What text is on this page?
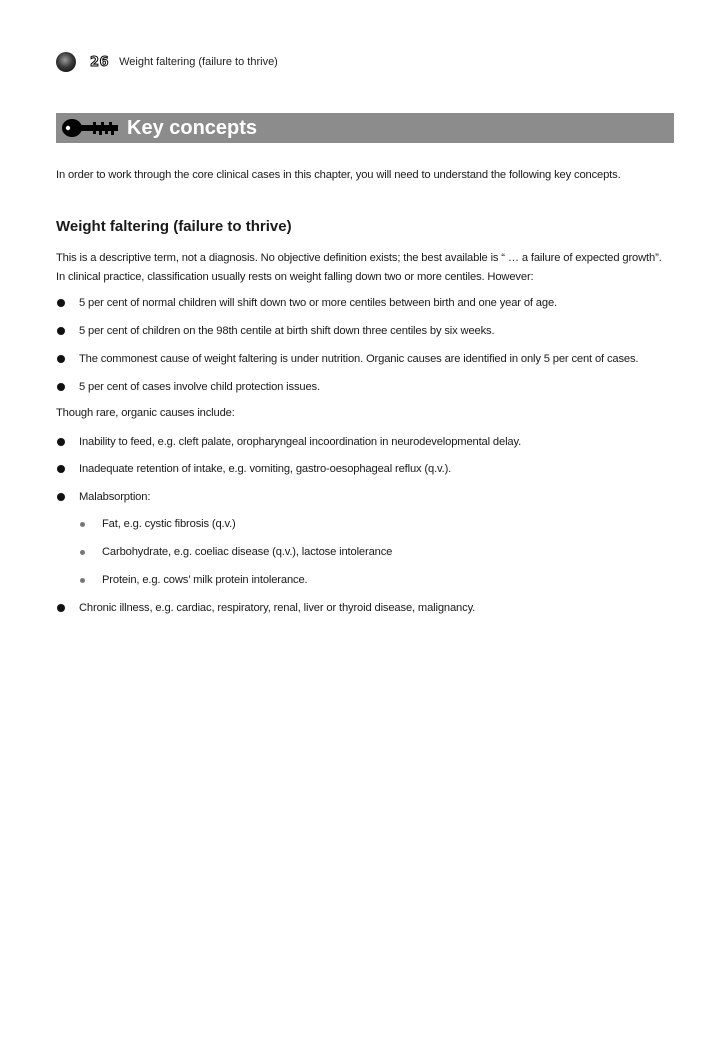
26 Weight faltering (failure to thrive)
Key concepts
In order to work through the core clinical cases in this chapter, you will need to understand the following key concepts.
Weight faltering (failure to thrive)
This is a descriptive term, not a diagnosis. No objective definition exists; the best available is “ … a failure of expected growth”. In clinical practice, classification usually rests on weight falling down two or more centiles. However:
5 per cent of normal children will shift down two or more centiles between birth and one year of age.
5 per cent of children on the 98th centile at birth shift down three centiles by six weeks.
The commonest cause of weight faltering is under nutrition. Organic causes are identified in only 5 per cent of cases.
5 per cent of cases involve child protection issues.
Though rare, organic causes include:
Inability to feed, e.g. cleft palate, oropharyngeal incoordination in neurodevelopmental delay.
Inadequate retention of intake, e.g. vomiting, gastro-oesophageal reflux (q.v.).
Malabsorption:
Fat, e.g. cystic fibrosis (q.v.)
Carbohydrate, e.g. coeliac disease (q.v.), lactose intolerance
Protein, e.g. cows’ milk protein intolerance.
Chronic illness, e.g. cardiac, respiratory, renal, liver or thyroid disease, malignancy.
